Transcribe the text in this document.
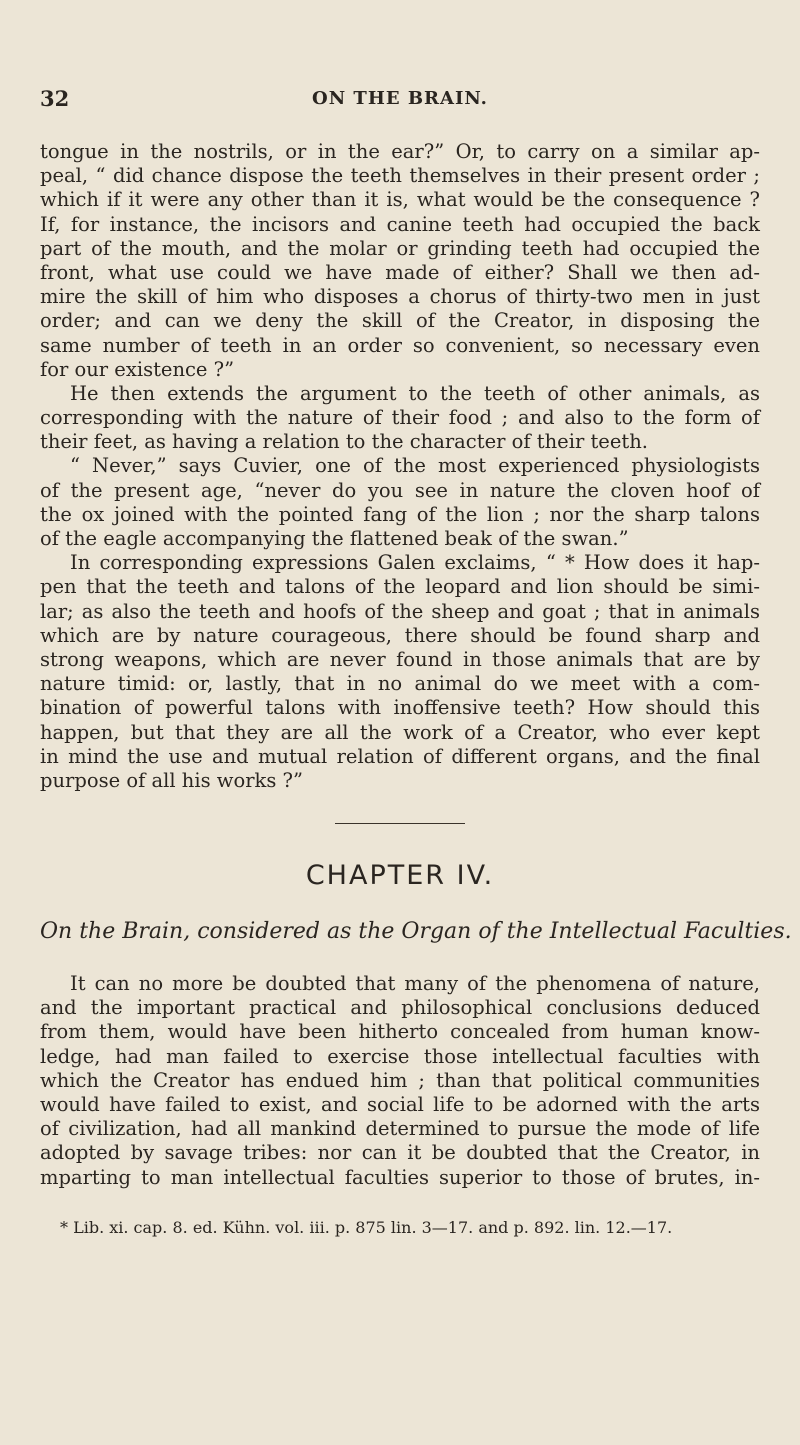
32	ON THE BRAIN.
tongue in the nostrils, or in the ear?” Or, to carry on a similar ap-
peal, “ did chance dispose the teeth themselves in their present order ;
which if it were any other than it is, what would be the consequence ?
If, for instance, the incisors and canine teeth had occupied the back
part of the mouth, and the molar or grinding teeth had occupied the
front, what use could we have made of either? Shall we then ad-
mire the skill of him who disposes a chorus of thirty-two men in just
order; and can we deny the skill of the Creator, in disposing the
same number of teeth in an order so convenient, so necessary even
for our existence ?”
He then extends the argument to the teeth of other animals, as
corresponding with the nature of their food ; and also to the form of
their feet, as having a relation to the character of their teeth.
“ Never,” says Cuvier, one of the most experienced physiologists
of the present age, “never do you see in nature the cloven hoof of
the ox joined with the pointed fang of the lion ; nor the sharp talons
of the eagle accompanying the flattened beak of the swan.”
In corresponding expressions Galen exclaims, “ * How does it hap-
pen that the teeth and talons of the leopard and lion should be simi-
lar; as also the teeth and hoofs of the sheep and goat ; that in animals
which are by nature courageous, there should be found sharp and
strong weapons, which are never found in those animals that are by
nature timid: or, lastly, that in no animal do we meet with a com-
bination of powerful talons with inoffensive teeth? How should this
happen, but that they are all the work of a Creator, who ever kept
in mind the use and mutual relation of different organs, and the final
purpose of all his works ?”
CHAPTER IV.
On the Brain, considered as the Organ of the Intellectual Faculties.
It can no more be doubted that many of the phenomena of nature,
and the important practical and philosophical conclusions deduced
from them, would have been hitherto concealed from human know-
ledge, had man failed to exercise those intellectual faculties with
which the Creator has endued him ; than that political communities
would have failed to exist, and social life to be adorned with the arts
of civilization, had all mankind determined to pursue the mode of life
adopted by savage tribes: nor can it be doubted that the Creator, in
mparting to man intellectual faculties superior to those of brutes, in-
* Lib. xi. cap. 8. ed. Kühn. vol. iii. p. 875 lin. 3—17. and p. 892. lin. 12.—17.
